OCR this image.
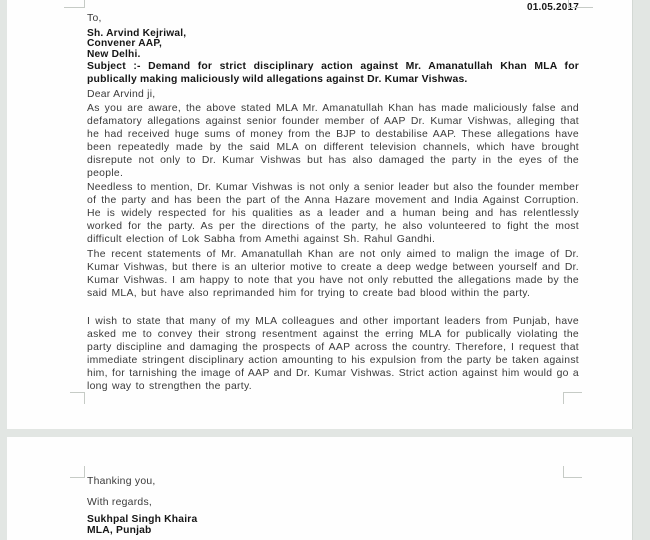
01.05.2017
To,
Sh. Arvind Kejriwal,
Convener AAP,
New Delhi.
Subject :- Demand for strict disciplinary action against Mr. Amanatullah Khan MLA for publically making maliciously wild allegations against Dr. Kumar Vishwas.
Dear Arvind ji,
As you are aware, the above stated MLA Mr. Amanatullah Khan has made maliciously false and defamatory allegations against senior founder member of AAP Dr. Kumar Vishwas, alleging that he had received huge sums of money from the BJP to destabilise AAP. These allegations have been repeatedly made by the said MLA on different television channels, which have brought disrepute not only to Dr. Kumar Vishwas but has also damaged the party in the eyes of the people.
Needless to mention, Dr. Kumar Vishwas is not only a senior leader but also the founder member of the party and has been the part of the Anna Hazare movement and India Against Corruption. He is widely respected for his qualities as a leader and a human being and has relentlessly worked for the party. As per the directions of the party, he also volunteered to fight the most difficult election of Lok Sabha from Amethi against Sh. Rahul Gandhi.
The recent statements of Mr. Amanatullah Khan are not only aimed to malign the image of Dr. Kumar Vishwas, but there is an ulterior motive to create a deep wedge between yourself and Dr. Kumar Vishwas. I am happy to note that you have not only rebutted the allegations made by the said MLA, but have also reprimanded him for trying to create bad blood within the party.
I wish to state that many of my MLA colleagues and other important leaders from Punjab, have asked me to convey their strong resentment against the erring MLA for publically violating the party discipline and damaging the prospects of AAP across the country. Therefore, I request that immediate stringent disciplinary action amounting to his expulsion from the party be taken against him, for tarnishing the image of AAP and Dr. Kumar Vishwas. Strict action against him would go a long way to strengthen the party.
Thanking you,
With regards,
Sukhpal Singh Khaira
MLA, Punjab
